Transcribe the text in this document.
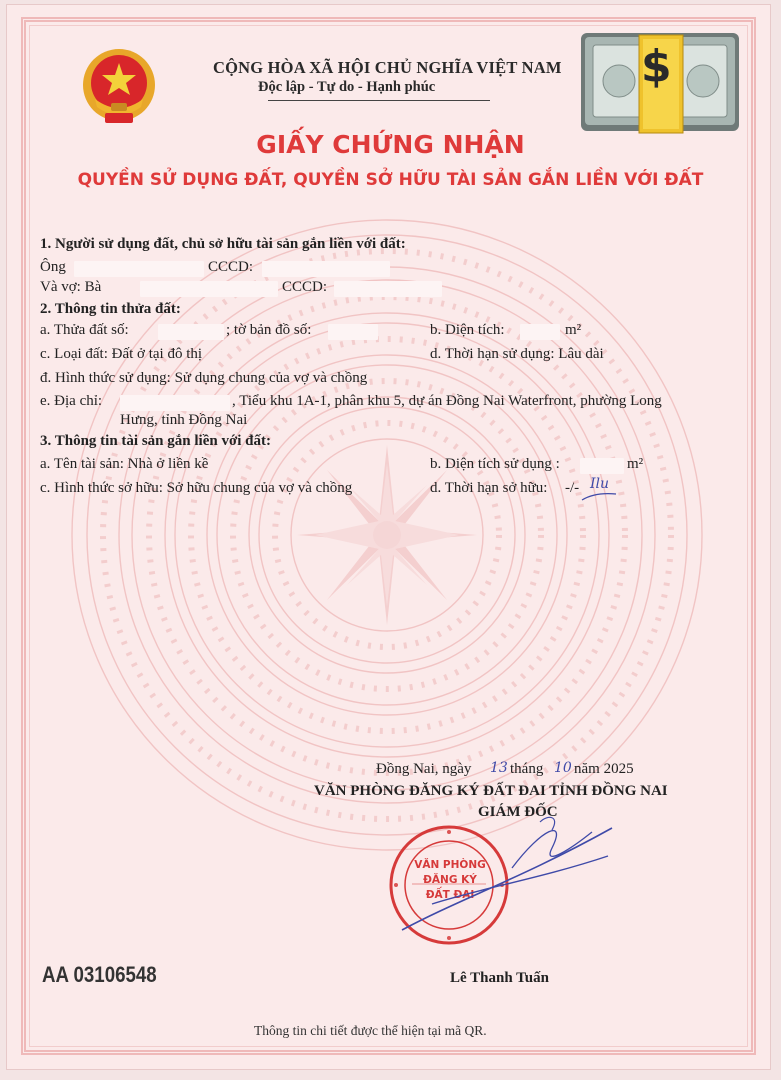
$
CỘNG HÒA XÃ HỘI CHỦ NGHĨA VIỆT NAM
Độc lập - Tự do - Hạnh phúc
GIẤY CHỨNG NHẬN
QUYỀN SỬ DỤNG ĐẤT, QUYỀN SỞ HỮU TÀI SẢN GẮN LIỀN VỚI ĐẤT
1. Người sử dụng đất, chủ sở hữu tài sản gắn liền với đất:
Ông	CCCD:
Và vợ: Bà	CCCD:
2. Thông tin thửa đất:
a. Thửa đất số:	; tờ bản đồ số:	b. Diện tích:	m²
c. Loại đất: Đất ở tại đô thị	d. Thời hạn sử dụng: Lâu dài
đ. Hình thức sử dụng: Sử dụng chung của vợ và chồng
e. Địa chỉ:	, Tiểu khu 1A-1, phân khu 5, dự án Đồng Nai Waterfront, phường Long
Hưng, tỉnh Đồng Nai
3. Thông tin tài sản gắn liền với đất:
a. Tên tài sản: Nhà ở liền kề	b. Diện tích sử dụng :	m²
c. Hình thức sở hữu: Sở hữu chung của vợ và chồng	d. Thời hạn sở hữu: -/- Ilu
Đồng Nai, ngày 13 tháng 10 năm 2025
VĂN PHÒNG ĐĂNG KÝ ĐẤT ĐAI TỈNH ĐỒNG NAI
GIÁM ĐỐC
VĂN PHÒNG ĐĂNG KÝ ĐẤT ĐAI
Lê Thanh Tuấn
AA 03106548
Thông tin chi tiết được thể hiện tại mã QR.
